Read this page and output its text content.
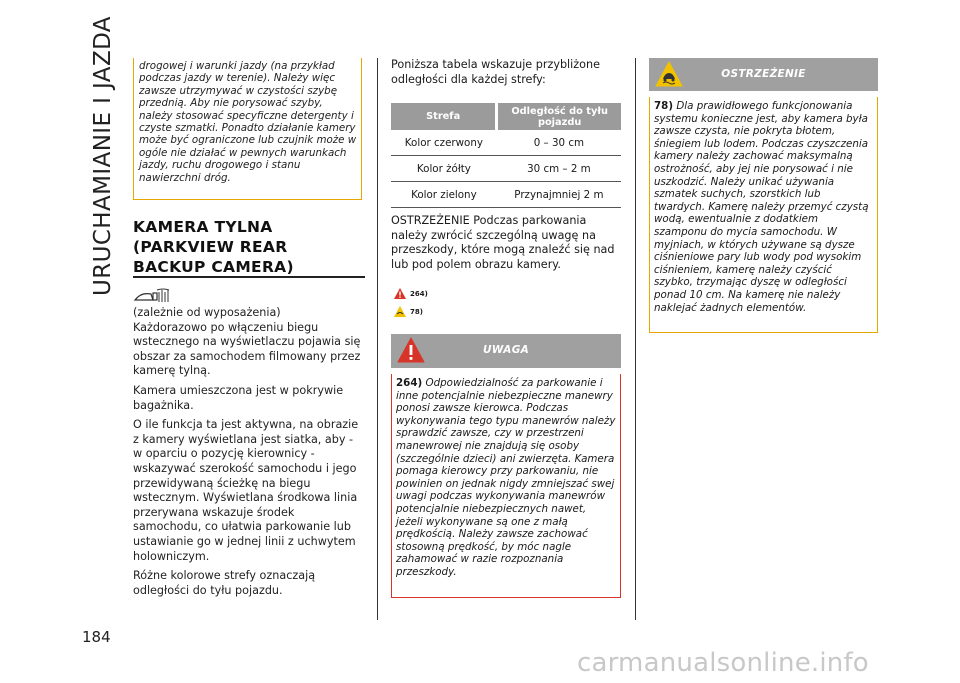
URUCHAMIANIE I JAZDA
184
drogowej i warunki jazdy (na przykład podczas jazdy w terenie). Należy więc zawsze utrzymywać w czystości szybę przednią. Aby nie porysować szyby, należy stosować specyficzne detergenty i czyste szmatki. Ponadto działanie kamery może być ograniczone lub czujnik może w ogóle nie działać w pewnych warunkach jazdy, ruchu drogowego i stanu nawierzchni dróg.
KAMERA TYLNA (PARKVIEW REAR BACKUP CAMERA)
(zależnie od wyposażenia)
Każdorazowo po włączeniu biegu wstecznego na wyświetlaczu pojawia się obszar za samochodem filmowany przez kamerę tylną.
Kamera umieszczona jest w pokrywie bagażnika.
O ile funkcja ta jest aktywna, na obrazie z kamery wyświetlana jest siatka, aby - w oparciu o pozycję kierownicy - wskazywać szerokość samochodu i jego przewidywaną ścieżkę na biegu wstecznym. Wyświetlana środkowa linia przerywana wskazuje środek samochodu, co ułatwia parkowanie lub ustawianie go w jednej linii z uchwytem holowniczym.
Różne kolorowe strefy oznaczają odległości do tyłu pojazdu.
Poniższa tabela wskazuje przybliżone odległości dla każdej strefy:
Strefa	Odległość do tyłu pojazdu
Kolor czerwony	0 – 30 cm
Kolor żółty	30 cm – 2 m
Kolor zielony	Przynajmniej 2 m
OSTRZEŻENIE Podczas parkowania należy zwrócić szczególną uwagę na przeszkody, które mogą znaleźć się nad lub pod polem obrazu kamery.
264)
78)
UWAGA
264) Odpowiedzialność za parkowanie i inne potencjalnie niebezpieczne manewry ponosi zawsze kierowca. Podczas wykonywania tego typu manewrów należy sprawdzić zawsze, czy w przestrzeni manewrowej nie znajdują się osoby (szczególnie dzieci) ani zwierzęta. Kamera pomaga kierowcy przy parkowaniu, nie powinien on jednak nigdy zmniejszać swej uwagi podczas wykonywania manewrów potencjalnie niebezpiecznych nawet, jeżeli wykonywane są one z małą prędkością. Należy zawsze zachować stosowną prędkość, by móc nagle zahamować w razie rozpoznania przeszkody.
OSTRZEŻENIE
78) Dla prawidłowego funkcjonowania systemu konieczne jest, aby kamera była zawsze czysta, nie pokryta błotem, śniegiem lub lodem. Podczas czyszczenia kamery należy zachować maksymalną ostrożność, aby jej nie porysować i nie uszkodzić. Należy unikać używania szmatek suchych, szorstkich lub twardych. Kamerę należy przemyć czystą wodą, ewentualnie z dodatkiem szamponu do mycia samochodu. W myjniach, w których używane są dysze ciśnieniowe pary lub wody pod wysokim ciśnieniem, kamerę należy czyścić szybko, trzymając dyszę w odległości ponad 10 cm. Na kamerę nie należy naklejać żadnych elementów.
carmanualsonline.info
